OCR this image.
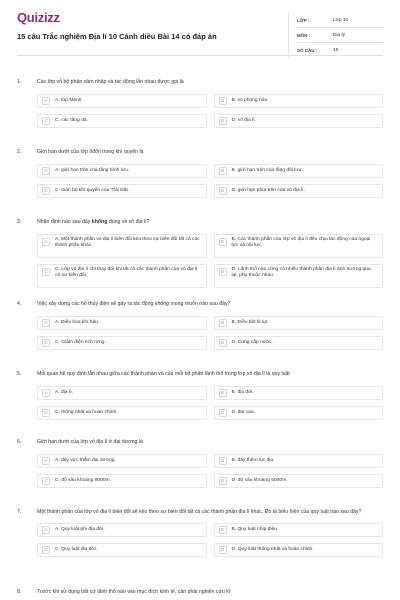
Quizizz
15 câu Trắc nghiệm Địa lí 10 Cánh diều Bài 14 có đáp án
LỚP :	Lớp 10
MÔN :	Địa lý
SỐ CÂU :	15
1.	Các lớp vỏ bộ phận xâm nhập và tác động lẫn nhau được gọi là
A	A. lớp Manti.	B	B. vỏ phong hóa.
C	C. các tầng đá.	D	D. vỏ địa lí.
2.	Giới hạn dưới của lớp ôdôn trong khí quyển là
A	A. giới hạn trên của tầng bình lưu.	B	B. giới hạn trên của tầng đối lưu.
C	C. toàn bộ khí quyển của Trái Đất.	D	D. giới hạn phía trên của vỏ địa lí.
3.	Nhận định nào sau đây không đúng về vỏ địa lí?
A	A. Một thành phần vỏ địa lí biến đổi kéo theo sự biến đổi tất cả các thành phần khác.
B	B. Các thành phần của lớp vỏ địa lí đều chịu tác động của ngoại lực và nội lực.
C	C. Lớp vỏ địa lí chỉ thay đổi khi tất cả các thành phần của vỏ địa lí có sự biến đổi.
D	D. Lãnh thổ nào cũng có nhiều thành phần địa lí ảnh hưởng qua lại, phụ thuộc nhau.
4.	Việc xây dựng các hồ thủy điện sẽ gây ra tác động không mong muốn nào sau đây?
A	A. Điều hòa khí hậu.	B	B. Điều tiết lũ lụt.
C	C. Giảm diện tích rừng.	D	D. Cung cấp nước.
5.	Mối quan hệ quy định lẫn nhau giữa các thành phần và của mỗi bộ phận lãnh thổ trong lớp vỏ địa lí là quy luật
A	A. địa ô.	B	B. địa đới.
C	C. thống nhất và hoàn chỉnh.	D	D. đai cao.
6.	Giới hạn dưới của lớp vỏ địa lí ở đại dương là
A	A. đáy vực thẳm đại dương.	B	B. đáy thềm lục địa.
C	C. độ sâu khoảng 8000m.	D	D. độ sâu khoảng 5000m.
7.	Một thành phần của lớp vỏ địa lí biến đổi sẽ kéo theo sự biến đổi tất cả các thành phần địa lí khác. Đó là biểu hiện của quy luật nào sau đây?
A	A. Quy luật phi địa đới.	B	B. Quy luật nhịp điệu.
C	C. Quy luật địa đới.	D	D. Quy luật thống nhất và hoàn chỉnh.
8.	Trước khi sử dụng bất cứ lãnh thổ nào vào mục đích kinh tế, cần phải nghiên cứu kĩ
